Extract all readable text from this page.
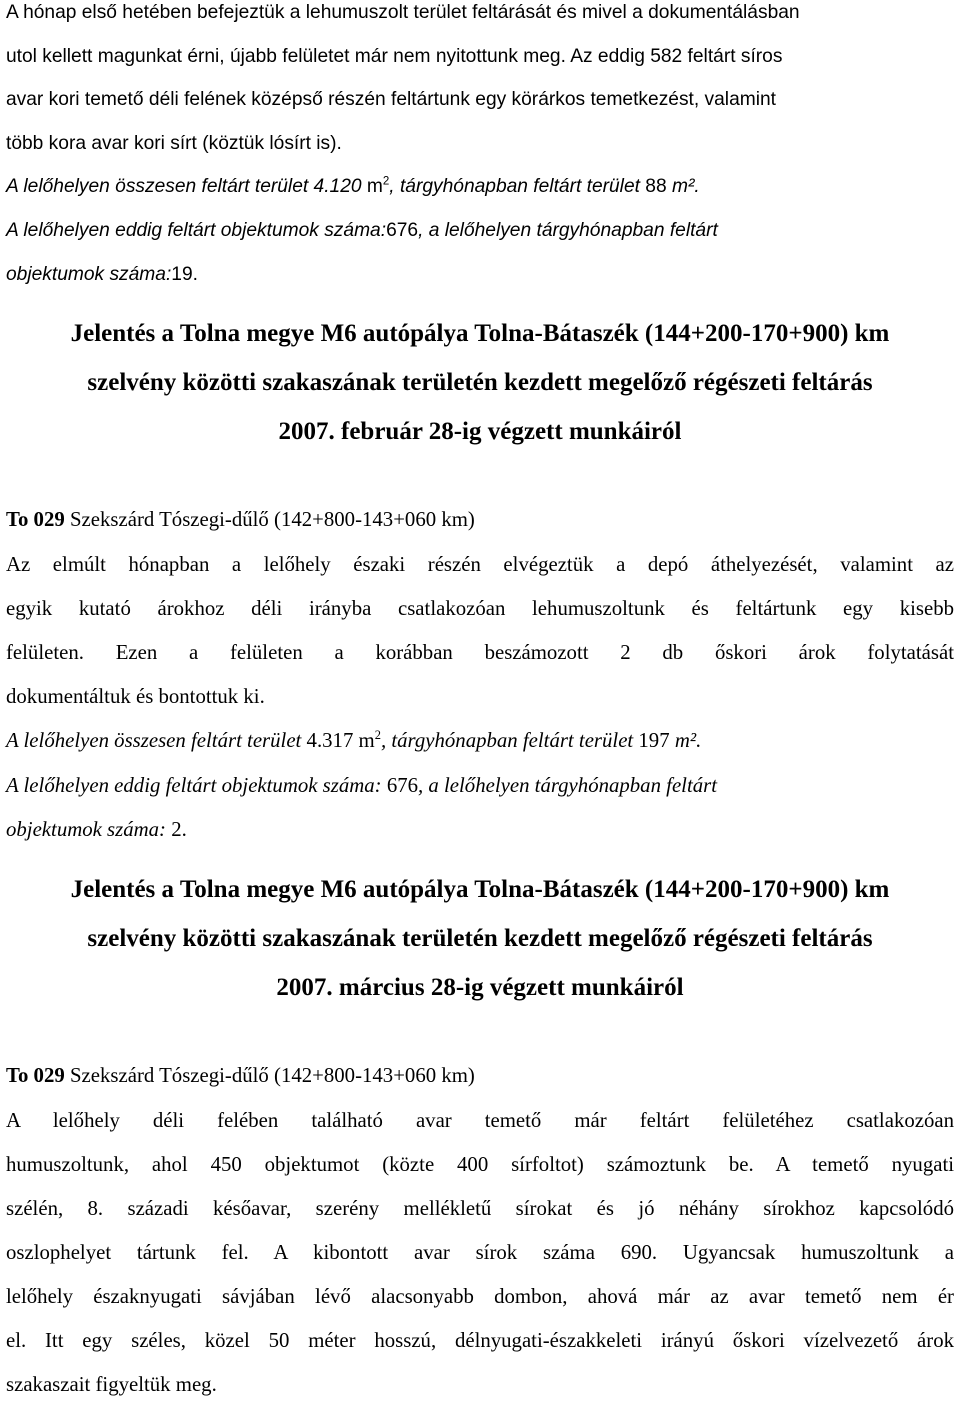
A hónap első hetében befejeztük a lehumuszolt terület feltárását és mivel a dokumentálásban

utol kellett magunkat érni, újabb felületet már nem nyitottunk meg. Az eddig 582 feltárt síros

avar kori temető déli felének középső részén feltártunk egy körárkos temetkezést, valamint

több kora avar kori sírt (köztük lósírt is).

A lelőhelyen összesen feltárt terület 4.120 $m^2$, tárgyhónapban feltárt terület 88 m².

A lelőhelyen eddig feltárt objektumok száma:676, a lelőhelyen tárgyhónapban feltárt

objektumok száma:19.

Jelentés a Tolna megye M6 autópálya Tolna-Bátaszék (144+200-170+900) km
szelvény közötti szakaszának területén kezdett megelőző régészeti feltárás
2007. február 28-ig végzett munkáiról

To 029 Szekszárd Tószegi-dűlő (142+800-143+060 km)

Az elmúlt hónapban a lelőhely északi részén elvégeztük a depó áthelyezését, valamint az

egyik kutató árokhoz déli irányba csatlakozóan lehumuszoltunk és feltártunk egy kisebb

felületen. Ezen a felületen a korábban beszámozott 2 db őskori árok folytatását

dokumentáltuk és bontottuk ki.

A lelőhelyen összesen feltárt terület 4.317 $m^2$, tárgyhónapban feltárt terület 197 m².

A lelőhelyen eddig feltárt objektumok száma: 676, a lelőhelyen tárgyhónapban feltárt

objektumok száma: 2.

Jelentés a Tolna megye M6 autópálya Tolna-Bátaszék (144+200-170+900) km
szelvény közötti szakaszának területén kezdett megelőző régészeti feltárás
2007. március 28-ig végzett munkáiról

To 029 Szekszárd Tószegi-dűlő (142+800-143+060 km)

A lelőhely déli felében található avar temető már feltárt felületéhez csatlakozóan

humuszoltunk, ahol 450 objektumot (közte 400 sírfoltot) számoztunk be. A temető nyugati

szélén, 8. századi későavar, szerény mellékletű sírokat és jó néhány sírokhoz kapcsolódó

oszlophelyet tártunk fel. A kibontott avar sírok száma 690. Ugyancsak humuszoltunk a

lelőhely északnyugati sávjában lévő alacsonyabb dombon, ahová már az avar temető nem ér

el. Itt egy széles, közel 50 méter hosszú, délnyugati-északkeleti irányú őskori vízelvezető árok

szakaszait figyeltük meg.
